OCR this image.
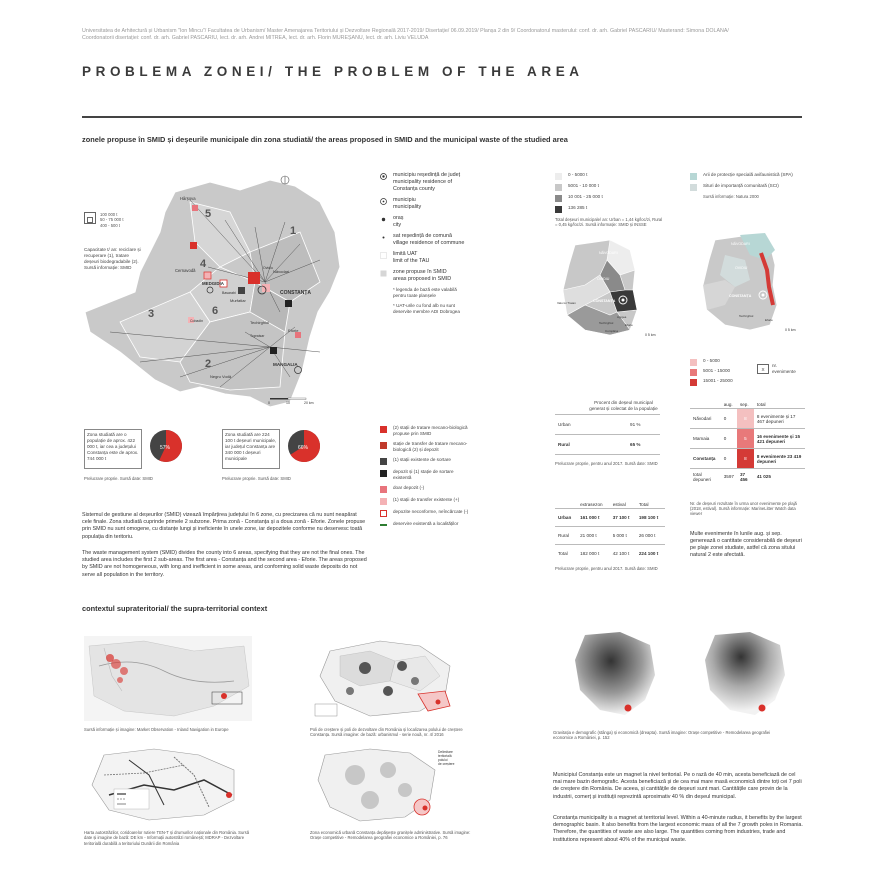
Universitatea de Arhitectură și Urbanism "Ion Mincu"/ Facultatea de Urbanism/ Master Amenajarea Teritoriului și Dezvoltare Regională 2017-2019/ Disertație/ 06.09.2019/ Planșa 2 din 9/ Coordonatorul masterului: conf. dr. arh. Gabriel PASCARIU/ Masterand: Simona DOLANA/
Coordonatorii disertației: conf. dr. arh. Gabriel PASCARIU, lect. dr. arh. Andrei MITREA, lect. dr. arh. Florin MUREȘANU, lect. dr. arh. Liviu VELUDA
PROBLEMA ZONEI/ THE PROBLEM OF THE AREA
zonele propuse în SMID și deșeurile municipale din zona studiată/ the areas proposed in SMID and the municipal waste of the studied area
1
2
3
4
5
6
Hârșova
Cernavodă
MEDGIDIA
Murfatlar
Năvodari
CONSTANȚA
Techirghiol
Eforie
MANGALIA
Negru Vodă
Ovidiu
Basarabi
Cobadin
Topraisar
0	10	20 km
100 000 t
50 - 75 000 t
400 - 500 t
Capacitate t/ an: reciclare și recuperare (1), tratare deșeuri biodegradabile (2). Sursă informație: SMID
municipiu reședință de județ
municipality residence of Constanța county
municipiu
municipality
oraș
city
sat reședință de comună
village residence of commune
limită UAT
limit of the TAU
zone propuse în SMID
areas proposed in SMID
* legenda de bază este valabilă pentru toate planșele
* UAT-urile cu fond alb nu sunt deservite membre ADI Dobrogea
(2) stații de tratare mecano-biologică propuse prin SMID
stație de transfer de tratare mecano-biologică (2) și depozit
(1) stații existente de sortare
depozit și (1) stație de sortare existentă
doar depozit (-)
(1) stații de transfer existente (+)
depozite neconforme, neîncărcate (-)
deservire existentă a localităților
Zona studiată are o populație de aprox. 422 000 t, iar cea a județului Constanța este de aprox. 744 000 t
57%
Prelucrare proprie. Sursă date: SMID
Zona studiată are 224 100 t deșeuri municipale, iar județul Constanța are 340 000 t deșeuri municipale
66%
Prelucrare proprie. Sursă date: SMID
Sistemul de gestiune al deșeurilor (SMID) vizează împărțirea județului în 6 zone, cu precizarea că nu sunt neapărat cele finale. Zona studiată cuprinde primele 2 subzone. Prima zonă - Constanța și a doua zonă - Eforie. Zonele propuse prin SMID nu sunt omogene, cu distanțe lungi și ineficiente în unele zone, iar depozitele conforme nu deservesc toată populația din teritoriu.
The waste management system (SMID) divides the county into 6 areas, specifying that they are not the final ones. The studied area includes the first 2 sub-areas. The first area - Constanța and the second area - Eforie. The areas proposed by SMID are not homogeneous, with long and inefficient in some areas, and conforming solid waste deposits do not serve all population in the territory.
0 - 5000 t
5001 - 10 000 t
10 001 - 25 000 t
136 285 t
Total deșeuri municipale/ an: Urban = 1,44 kg/loc/zi, Rural = 0,45 kg/loc/zi. Sursă informație: SMID și INSSE
NĂVODARI
OVIDIU
CONSTANȚA
Valu lui Traian
Agigea
Techirghiol	Eforie
Cumpăna
0 5 km
Arii de protecție specială avifaunistică (SPA)
Situri de importanță comunitară (SCI)
Sursă informație: Natura 2000
NĂVODARI
OVIDIU
CONSTANȚA
Techirghiol
Eforie
0 5 km
0 - 5000
5001 - 15000
15001 - 25000
X
nr. evenimente
Procent din deșeul municipal generat și colectat de la populație
Urban	91 %
Rural	65 %
Prelucrare proprie, pentru anul 2017. Sursă date: SMID
	extrasezon	estival	Total
Urban	161 000 t	37 100 t	198 100 t
Rural	21 000 t	5 000 t	26 000 t
Total	182 000 t	42 100 t	224 100 t
Prelucrare proprie, pentru anul 2017. Sursă date: SMID
	aug.	sep.	total
Năvodari	0	8	8 evenimente și 17 467 depuneri
Mamaia	0	5	16 evenimente și 15 421 depuneri
Constanța	0	8	8 evenimente 23 419 depuneri
total depuneri	3597	37 456	41 025
Nr. de deșeuri rezultate în urma unor evenimente pe plajă (2018, estival). Sursă informație: MarineLitter Watch data viewer
Multe evenimente în lunile aug. și sep. generează o cantitate considerabilă de deșeuri pe plaje zonei studiate, astfel că zona sitului natural 2 este afectată.
contextul suprateritorial/ the supra-territorial context
Sursă informație și imagine: Market Observation - Inland Navigation in Europe	Poli de creștere și poli de dezvoltare din România și localizarea polului de creștere Constanța. Sursă imagine: de bază: urbanismul - serie nouă, nr. 4/ 2016	Gravitația e demografic (stânga) și economică (dreapta). Sursă imagine: Orașe competitive - Remodelarea geografiei economice a României, p. 152
Harta autostrăzilor, coridoarelor rutiere TEN-T și drumurilor naționale din România. Sursă date și imagine de bază: DE km - Informații autostrăzi românești; MDRAP - Dezvoltare teritorială durabilă a teritoriului Dunării din România
Delimitare
teritorială
polului
de creștere
Zona economică urbană Constanța depășește granițele administrative. Sursă imagine: Orașe competitive - Remodelarea geografiei economice a României, p. 76
Municipiul Constanța este un magnet la nivel teritorial. Pe o rază de 40 min, acesta beneficiază de cel mai mare bazin demografic. Acesta beneficiază și de cea mai mare masă economică dintre toți cei 7 poli de creștere din România. De aceea, și cantitățile de deșeuri sunt mari. Cantitățile care provin de la industrii, comerț și instituții reprezintă aproximativ 40 % din deșeul municipal.
Constanța municipality is a magnet at territorial level. Within a 40-minute radius, it benefits by the largest demographic basin. It also benefits from the largest economic mass of all the 7 growth poles in Romania. Therefore, the quantities of waste are also large. The quantities coming from industries, trade and institutions represent about 40% of the municipal waste.
